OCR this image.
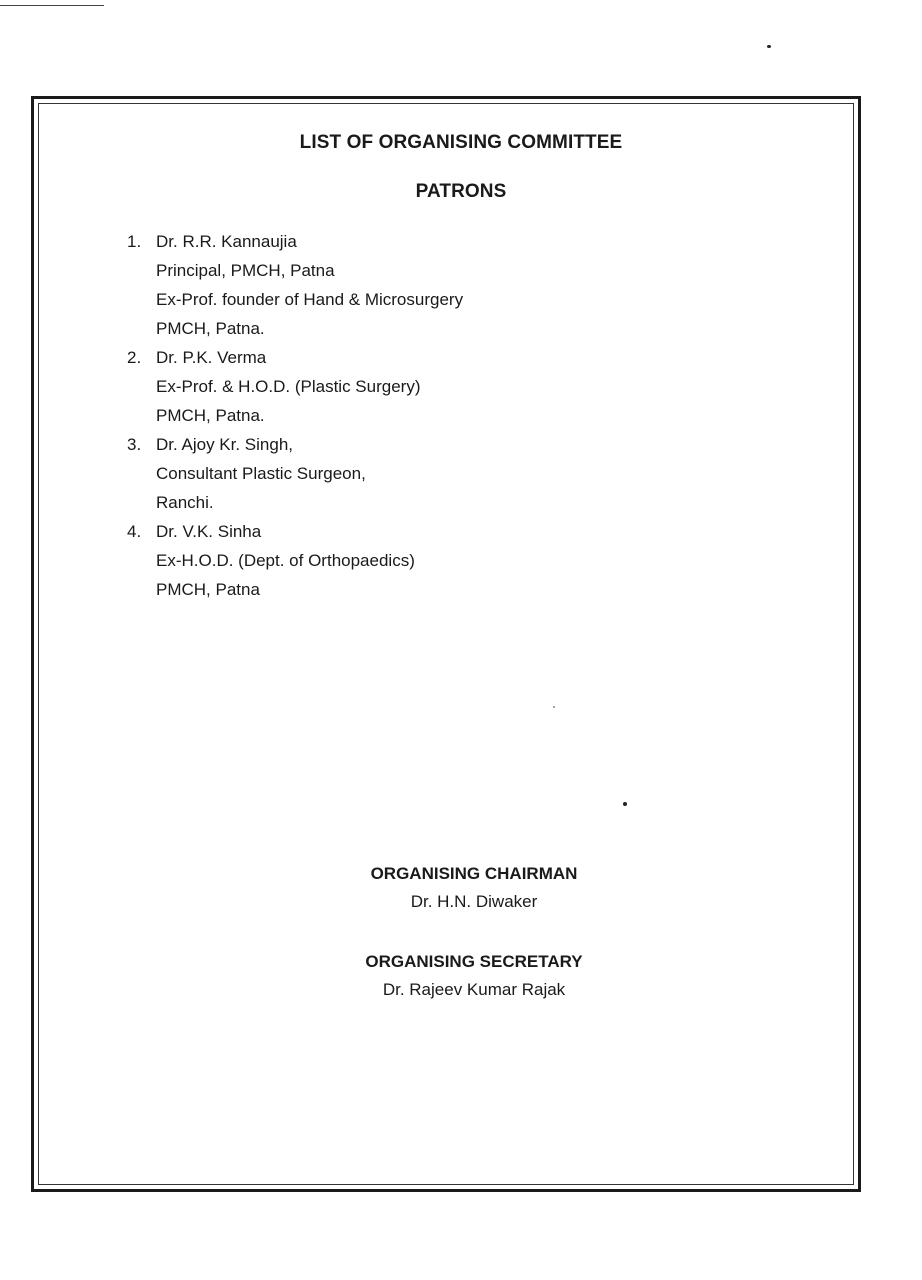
LIST OF ORGANISING COMMITTEE
PATRONS
1. Dr. R.R. Kannaujia
Principal, PMCH, Patna
Ex-Prof. founder of Hand & Microsurgery
PMCH, Patna.
2. Dr. P.K. Verma
Ex-Prof. & H.O.D. (Plastic Surgery)
PMCH, Patna.
3. Dr. Ajoy Kr. Singh,
Consultant Plastic Surgeon,
Ranchi.
4. Dr. V.K. Sinha
Ex-H.O.D. (Dept. of Orthopaedics)
PMCH, Patna
ORGANISING CHAIRMAN
Dr. H.N. Diwaker
ORGANISING SECRETARY
Dr. Rajeev Kumar Rajak
